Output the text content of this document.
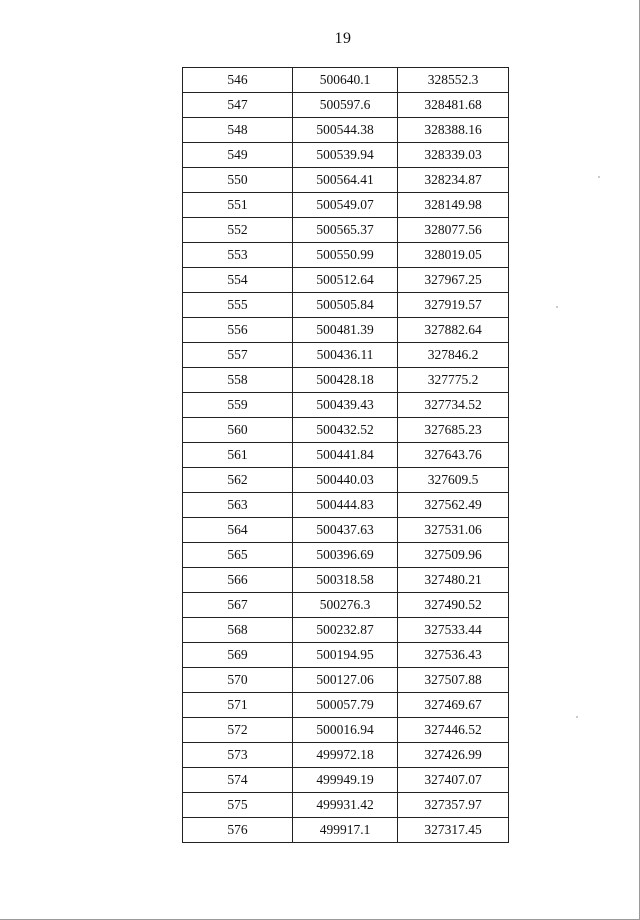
19
546	500640.1	328552.3
547	500597.6	328481.68
548	500544.38	328388.16
549	500539.94	328339.03
550	500564.41	328234.87
551	500549.07	328149.98
552	500565.37	328077.56
553	500550.99	328019.05
554	500512.64	327967.25
555	500505.84	327919.57
556	500481.39	327882.64
557	500436.11	327846.2
558	500428.18	327775.2
559	500439.43	327734.52
560	500432.52	327685.23
561	500441.84	327643.76
562	500440.03	327609.5
563	500444.83	327562.49
564	500437.63	327531.06
565	500396.69	327509.96
566	500318.58	327480.21
567	500276.3	327490.52
568	500232.87	327533.44
569	500194.95	327536.43
570	500127.06	327507.88
571	500057.79	327469.67
572	500016.94	327446.52
573	499972.18	327426.99
574	499949.19	327407.07
575	499931.42	327357.97
576	499917.1	327317.45
